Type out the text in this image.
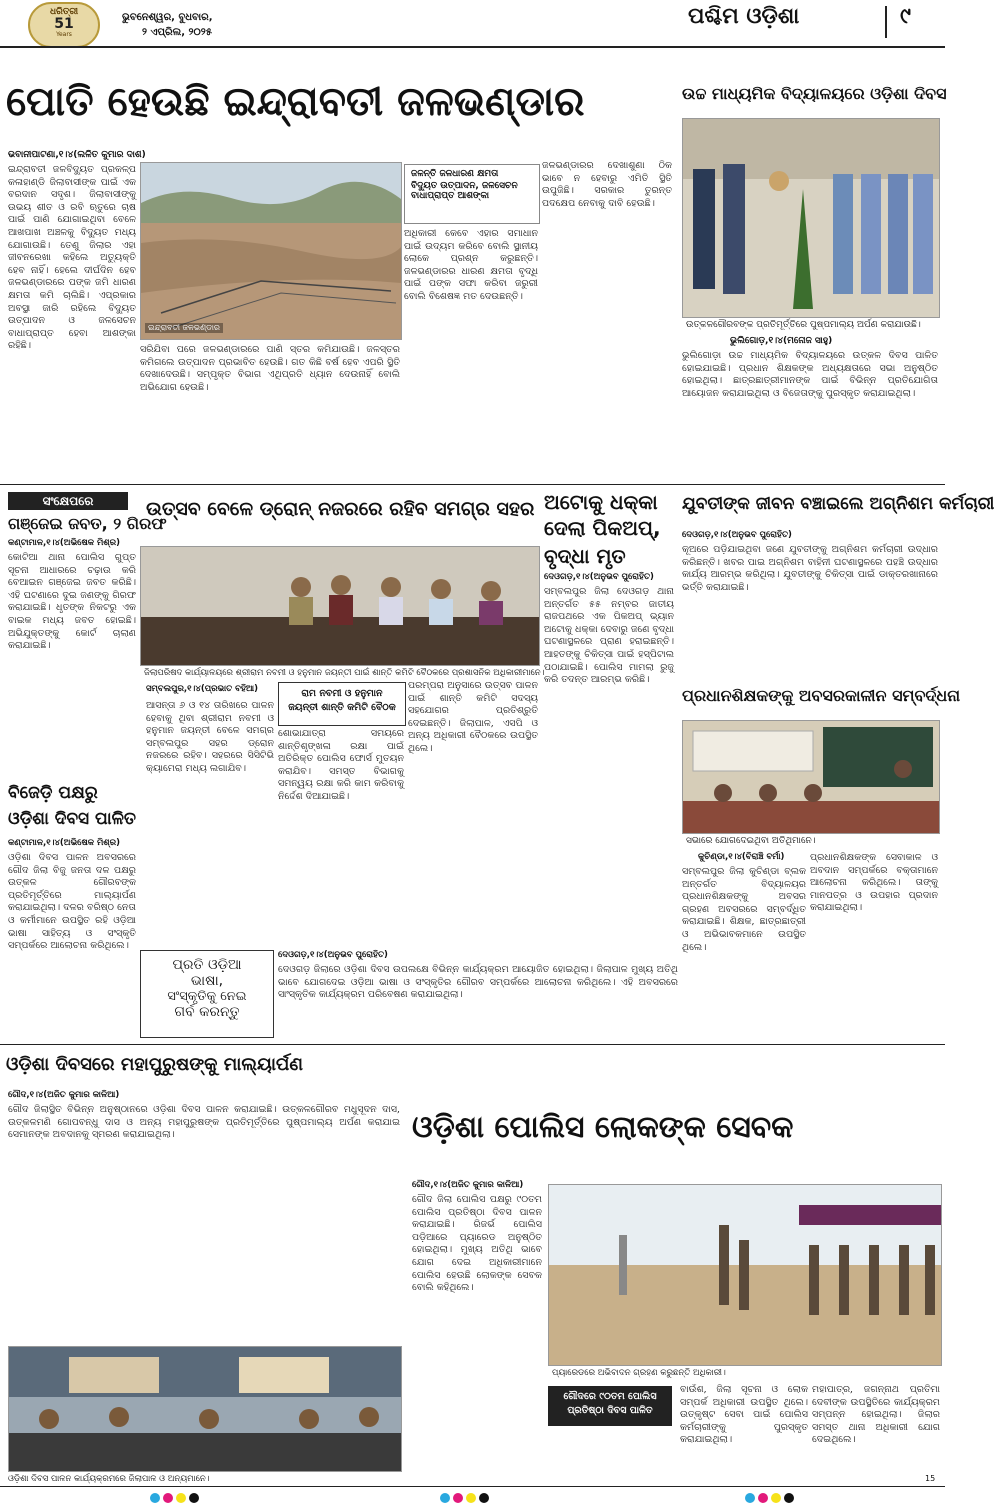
ଧରିତ୍ରୀ
51
Years
ଭୁବନେଶ୍ୱର, ବୁଧବାର,
୨ ଏପ୍ରିଲ, ୨୦୨୫
ପଶ୍ଚିମ ଓଡ଼ିଶା	୯
ପୋତି ହେଉଛି ଇନ୍ଦ୍ରାବତୀ ଜଳଭଣ୍ଡାର
ଭବାନୀପାଟଣା,୧।୪(ଲଳିତ କୁମାର ଦାଶ)
ଇନ୍ଦ୍ରାବତୀ ଜଳବିଦ୍ୟୁତ ପ୍ରକଳ୍ପ କଳାହାଣ୍ଡି ଜିଲାବାସୀଙ୍କ ପାଇଁ ଏକ ବରଦାନ ସଦୃଶ। ଜିଲାବାସୀଙ୍କୁ ଉଭୟ ଶୀତ ଓ ରବି ଋତୁରେ ଚାଷ ପାଇଁ ପାଣି ଯୋଗାଇଥିବା ବେଳେ ଆଖପାଖ ଅଞ୍ଚଳକୁ ବିଦ୍ୟୁତ ମଧ୍ୟ ଯୋଗାଉଛି। ତେଣୁ ଜିଲାର ଏହା ଜୀବନରେଖା କହିଲେ ଅତ୍ୟୁକ୍ତି ହେବ ନାହିଁ। ହେଲେ ଦୀର୍ଘଦିନ ହେବ ଜଳଭଣ୍ଡାରରେ ପଙ୍କ ଜମି ଧାରଣ କ୍ଷମତା କମି ଚାଲିଛି। ଏପ୍ରକାର ଅବସ୍ଥା ଜାରି ରହିଲେ ବିଦ୍ୟୁତ ଉତ୍ପାଦନ ଓ ଜଳସେଚନ ବାଧାପ୍ରାପ୍ତ ହେବା ଆଶଙ୍କା ରହିଛି।
ଇନ୍ଦ୍ରାବତୀ ଜଳଭଣ୍ଡାର
ଜଳନ୍ତି ଜଳଧାରଣ କ୍ଷମତା
ବିଦ୍ୟୁତ ଉତ୍ପାଦନ, ଜଳସେଚନ ବାଧାପ୍ରାପ୍ତ ଆଶଙ୍କା
ସରିଯିବା ପରେ ଜଳଭଣ୍ଡାରରେ ପାଣି ସ୍ତର କମିଯାଉଛି। ଜଳସ୍ତର କମିଗଲେ ଉତ୍ପାଦନ ପ୍ରଭାବିତ ହେଉଛି। ଗତ କିଛି ବର୍ଷ ହେବ ଏପରି ସ୍ଥିତି ଦେଖାଦେଉଛି। ସମ୍ପୃକ୍ତ ବିଭାଗ ଏଥିପ୍ରତି ଧ୍ୟାନ ଦେଉନାହିଁ ବୋଲି ଅଭିଯୋଗ ହେଉଛି।
ଅଧିକାରୀ କେବେ ଏହାର ସମାଧାନ ପାଇଁ ଉଦ୍ୟମ କରିବେ ବୋଲି ସ୍ଥାନୀୟ ଲୋକେ ପ୍ରଶ୍ନ କରୁଛନ୍ତି। ଜଳଭଣ୍ଡାରର ଧାରଣ କ୍ଷମତା ବୃଦ୍ଧି ପାଇଁ ପଙ୍କ ସଫା କରିବା ଜରୁରୀ ବୋଲି ବିଶେଷଜ୍ଞ ମତ ଦେଉଛନ୍ତି।
ଜଳଭଣ୍ଡାରର ଦେଖାଶୁଣା ଠିକ ଭାବେ ନ ହେବାରୁ ଏମିତି ସ୍ଥିତି ଉପୁଜିଛି। ସରକାର ତୁରନ୍ତ ପଦକ୍ଷେପ ନେବାକୁ ଦାବି ହେଉଛି।
ଉଚ୍ଚ ମାଧ୍ୟମିକ ବିଦ୍ୟାଳୟରେ ଓଡ଼ିଶା ଦିବସ
ଉତ୍କଳଗୌରବଙ୍କ ପ୍ରତିମୂର୍ତ୍ତିରେ ପୁଷ୍ପମାଲ୍ୟ ଅର୍ପଣ କରାଯାଉଛି।
ଭୁଲିଗୋଡ଼,୧।୪(ମନୋଜ ସାହୁ)
ଭୁଲିଗୋଡ଼ା ଉଚ୍ଚ ମାଧ୍ୟମିକ ବିଦ୍ୟାଳୟରେ ଉତ୍କଳ ଦିବସ ପାଳିତ ହୋଇଯାଇଛି। ପ୍ରଧାନ ଶିକ୍ଷକଙ୍କ ଅଧ୍ୟକ୍ଷତାରେ ସଭା ଅନୁଷ୍ଠିତ ହୋଇଥିଲା। ଛାତ୍ରଛାତ୍ରୀମାନଙ୍କ ପାଇଁ ବିଭିନ୍ନ ପ୍ରତିଯୋଗିତା ଆୟୋଜନ କରାଯାଇଥିଲା ଓ ବିଜେତାଙ୍କୁ ପୁରସ୍କୃତ କରାଯାଇଥିଲା।
ସଂକ୍ଷେପରେ
ଗଞ୍ଜେଇ ଜବତ, ୨ ଗିରଫ
କଣ୍ଟାମାଳ,୧।୪(ଅଭିଷେକ ମିଶ୍ର)
କୋଟିଆ ଥାନା ପୋଲିସ ଗୁପ୍ତ ସୂଚନା ଆଧାରରେ ଚଢ଼ାଉ କରି ବେଆଇନ ଗଞ୍ଜେଇ ଜବତ କରିଛି। ଏହି ଘଟଣାରେ ଦୁଇ ଜଣଙ୍କୁ ଗିରଫ କରାଯାଇଛି। ଧୃତଙ୍କ ନିକଟରୁ ଏକ ବାଇକ ମଧ୍ୟ ଜବତ ହୋଇଛି। ଅଭିଯୁକ୍ତଙ୍କୁ କୋର୍ଟ ଚାଲାଣ କରାଯାଇଛି।
ବିଜେଡ଼ି ପକ୍ଷରୁ ଓଡ଼ିଶା ଦିବସ ପାଳିତ
କଣ୍ଟାମାଳ,୧।୪(ଅଭିଷେକ ମିଶ୍ର)
ଓଡ଼ିଶା ଦିବସ ପାଳନ ଅବସରରେ ଗୌଦ ଜିଲା ବିଜୁ ଜନତା ଦଳ ପକ୍ଷରୁ ଉତ୍କଳ ଗୌରବଙ୍କ ପ୍ରତିମୂର୍ତ୍ତିରେ ମାଲ୍ୟାର୍ପଣ କରାଯାଇଥିଲା। ଦଳର ବରିଷ୍ଠ ନେତା ଓ କର୍ମୀମାନେ ଉପସ୍ଥିତ ରହି ଓଡ଼ିଆ ଭାଷା ସାହିତ୍ୟ ଓ ସଂସ୍କୃତି ସମ୍ପର୍କରେ ଆଲୋଚନା କରିଥିଲେ।
ଉତ୍ସବ ବେଳେ ଡ୍ରୋନ୍ ନଜରରେ ରହିବ ସମଗ୍ର ସହର
ଜିଲାପରିଷଦ କାର୍ଯ୍ୟାଳୟରେ ଶ୍ରୀରାମ ନବମୀ ଓ ହନୁମାନ ଜୟନ୍ତୀ ପାଇଁ ଶାନ୍ତି କମିଟି ବୈଠକରେ ପ୍ରଶାସନିକ ଅଧିକାରୀମାନେ।
ସମ୍ବଲପୁର,୧।୪(ପ୍ରଭାତ ବହିଆ)	ରାମ ନବମୀ ଓ ହନୁମାନ
ଜୟନ୍ତୀ ଶାନ୍ତି କମିଟି ବୈଠକ
ଆସନ୍ତା ୬ ଓ ୧୪ ତାରିଖରେ ପାଳନ ହେବାକୁ ଥିବା ଶ୍ରୀରାମ ନବମୀ ଓ ହନୁମାନ ଜୟନ୍ତୀ ବେଳେ ସମଗ୍ର ସମ୍ବଲପୁର ସହର ଡ୍ରୋନ ନଜରରେ ରହିବ। ସହରରେ ସିସିଟିଭି କ୍ୟାମେରା ମଧ୍ୟ ଲଗାଯିବ।
ଶୋଭାଯାତ୍ରା ସମୟରେ ଶାନ୍ତିଶୃଙ୍ଖଳା ରକ୍ଷା ପାଇଁ ଅତିରିକ୍ତ ପୋଲିସ ଫୋର୍ସ ମୁତୟନ କରାଯିବ। ସମସ୍ତ ବିଭାଗକୁ ସମନ୍ୱୟ ରକ୍ଷା କରି କାମ କରିବାକୁ ନିର୍ଦ୍ଦେଶ ଦିଆଯାଇଛି।
ପରମ୍ପରା ଅନୁସାରେ ଉତ୍ସବ ପାଳନ ପାଇଁ ଶାନ୍ତି କମିଟି ସଦସ୍ୟ ସହଯୋଗର ପ୍ରତିଶ୍ରୁତି ଦେଇଛନ୍ତି। ଜିଲାପାଳ, ଏସପି ଓ ଅନ୍ୟ ଅଧିକାରୀ ବୈଠକରେ ଉପସ୍ଥିତ ଥିଲେ।
ଅଟୋକୁ ଧକ୍କା
ଦେଲା ପିକଅପ୍,
ବୃଦ୍ଧା ମୃତ
ଦେଓଗଡ଼,୧।୪(ଅନୁଭବ ପୁରୋହିତ)
ସମ୍ବଲପୁର ଜିଲା ଦେଓଗଡ଼ ଥାନା ଅନ୍ତର୍ଗତ ୫୫ ନମ୍ବର ଜାତୀୟ ରାଜପଥରେ ଏକ ପିକଅପ୍ ଭ୍ୟାନ ଅଟୋକୁ ଧକ୍କା ଦେବାରୁ ଜଣେ ବୃଦ୍ଧା ଘଟଣାସ୍ଥଳରେ ପ୍ରାଣ ହରାଇଛନ୍ତି। ଆହତଙ୍କୁ ଚିକିତ୍ସା ପାଇଁ ହସ୍ପିଟାଲ ପଠାଯାଇଛି। ପୋଲିସ ମାମଲା ରୁଜୁ କରି ତଦନ୍ତ ଆରମ୍ଭ କରିଛି।
ଯୁବତୀଙ୍କ ଜୀବନ ବଞ୍ଚାଇଲେ ଅଗ୍ନିଶମ କର୍ମଚାରୀ
ଦେଓଗଡ଼,୧।୪(ଅନୁଭବ ପୁରୋହିତ)
କୂଅରେ ପଡ଼ିଯାଇଥିବା ଜଣେ ଯୁବତୀଙ୍କୁ ଅଗ୍ନିଶମ କର୍ମଚାରୀ ଉଦ୍ଧାର କରିଛନ୍ତି। ଖବର ପାଇ ଅଗ୍ନିଶମ ବାହିନୀ ଘଟଣାସ୍ଥଳରେ ପହଞ୍ଚି ଉଦ୍ଧାର କାର୍ଯ୍ୟ ଆରମ୍ଭ କରିଥିଲା। ଯୁବତୀଙ୍କୁ ଚିକିତ୍ସା ପାଇଁ ଡାକ୍ତରଖାନାରେ ଭର୍ତ୍ତି କରାଯାଇଛି।
ପ୍ରଧାନଶିକ୍ଷକଙ୍କୁ ଅବସରକାଳୀନ ସମ୍ବର୍ଦ୍ଧନା
ସଭାରେ ଯୋଗଦେଇଥିବା ଅତିଥିମାନେ।
କୁଚିଣ୍ଡା,୧।୪(ବିରାଞ୍ଚି ବର୍ମା)
ସମ୍ବଲପୁର ଜିଲା କୁଚିଣ୍ଡା ବ୍ଲକ ଅନ୍ତର୍ଗତ ବିଦ୍ୟାଳୟର ପ୍ରଧାନଶିକ୍ଷକଙ୍କୁ ଅବସର ଗ୍ରହଣ ଅବସରରେ ସମ୍ବର୍ଦ୍ଧିତ କରାଯାଇଛି। ଶିକ୍ଷକ, ଛାତ୍ରଛାତ୍ରୀ ଓ ଅଭିଭାବକମାନେ ଉପସ୍ଥିତ ଥିଲେ।
ପ୍ରଧାନଶିକ୍ଷକଙ୍କ ସେବାକାଳ ଓ ଅବଦାନ ସମ୍ପର୍କରେ ବକ୍ତାମାନେ ଆଲୋଚନା କରିଥିଲେ। ତାଙ୍କୁ ମାନପତ୍ର ଓ ଉପହାର ପ୍ରଦାନ କରାଯାଇଥିଲା।
ପ୍ରତି ଓଡ଼ିଆ
ଭାଷା,
ସଂସ୍କୃତିକୁ ନେଇ
ଗର୍ବ କରନ୍ତୁ
ଦେଓଗଡ଼,୧।୪(ଅନୁଭବ ପୁରୋହିତ)
ଦେଓଗଡ଼ ଜିଲାରେ ଓଡ଼ିଶା ଦିବସ ଉପଲକ୍ଷେ ବିଭିନ୍ନ କାର୍ଯ୍ୟକ୍ରମ ଆୟୋଜିତ ହୋଇଥିଲା। ଜିଲାପାଳ ମୁଖ୍ୟ ଅତିଥି ଭାବେ ଯୋଗଦେଇ ଓଡ଼ିଆ ଭାଷା ଓ ସଂସ୍କୃତିର ଗୌରବ ସମ୍ପର୍କରେ ଆଲୋଚନା କରିଥିଲେ। ଏହି ଅବସରରେ ସାଂସ୍କୃତିକ କାର୍ଯ୍ୟକ୍ରମ ପରିବେଷଣ କରାଯାଇଥିଲା।
ଓଡ଼ିଶା ଦିବସରେ ମହାପୁରୁଷଙ୍କୁ ମାଲ୍ୟାର୍ପଣ
ଗୌଦ,୧।୪(ଅଜିତ କୁମାର କାଳିଆ)
ଗୌଦ ଜିଲାସ୍ଥିତ ବିଭିନ୍ନ ଅନୁଷ୍ଠାନରେ ଓଡ଼ିଶା ଦିବସ ପାଳନ କରାଯାଇଛି। ଉତ୍କଳଗୌରବ ମଧୁସୂଦନ ଦାସ, ଉତ୍କଳମଣି ଗୋପବନ୍ଧୁ ଦାସ ଓ ଅନ୍ୟ ମହାପୁରୁଷଙ୍କ ପ୍ରତିମୂର୍ତ୍ତିରେ ପୁଷ୍ପମାଲ୍ୟ ଅର୍ପଣ କରାଯାଇ ସେମାନଙ୍କ ଅବଦାନକୁ ସ୍ମରଣ କରାଯାଇଥିଲା।
ଓଡ଼ିଶା ଦିବସ ପାଳନ କାର୍ଯ୍ୟକ୍ରମରେ ଜିଲାପାଳ ଓ ଅନ୍ୟମାନେ।
ଓଡ଼ିଶା ପୋଲିସ ଲୋକଙ୍କ ସେବକ
ଗୌଦ,୧।୪(ଅଜିତ କୁମାର କାଳିଆ)
ଗୌଦ ଜିଲା ପୋଲିସ ପକ୍ଷରୁ ୯୦ତମ ପୋଲିସ ପ୍ରତିଷ୍ଠା ଦିବସ ପାଳନ କରାଯାଇଛି। ରିଜର୍ଭ ପୋଲିସ ପଡ଼ିଆରେ ପ୍ୟାରେଡ ଅନୁଷ୍ଠିତ ହୋଇଥିଲା। ମୁଖ୍ୟ ଅତିଥି ଭାବେ ଯୋଗ ଦେଇ ଅଧିକାରୀମାନେ ପୋଲିସ ହେଉଛି ଲୋକଙ୍କ ସେବକ ବୋଲି କହିଥିଲେ।
ପ୍ୟାରେଡରେ ଅଭିବାଦନ ଗ୍ରହଣ କରୁଛନ୍ତି ଅଧିକାରୀ।
ଗୌଦରେ ୯୦ତମ ପୋଲିସ
ପ୍ରତିଷ୍ଠା ଦିବସ ପାଳିତ
ବାଉଁଶ, ଜିଲା ସୂଚନା ଓ ଲୋକ ସମ୍ପର୍କ ଅଧିକାରୀ ଉପସ୍ଥିତ ଥିଲେ। ଉତ୍କୃଷ୍ଟ ସେବା ପାଇଁ ପୋଲିସ କର୍ମଚାରୀଙ୍କୁ ପୁରସ୍କୃତ କରାଯାଇଥିଲା।
ମହାପାତ୍ର, ଜଗନ୍ନାଥ ପ୍ରତିମା ଦେବୀଙ୍କ ଉପସ୍ଥିତିରେ କାର୍ଯ୍ୟକ୍ରମ ସମ୍ପନ୍ନ ହୋଇଥିଲା। ଜିଲାର ସମସ୍ତ ଥାନା ଅଧିକାରୀ ଯୋଗ ଦେଇଥିଲେ।
15
